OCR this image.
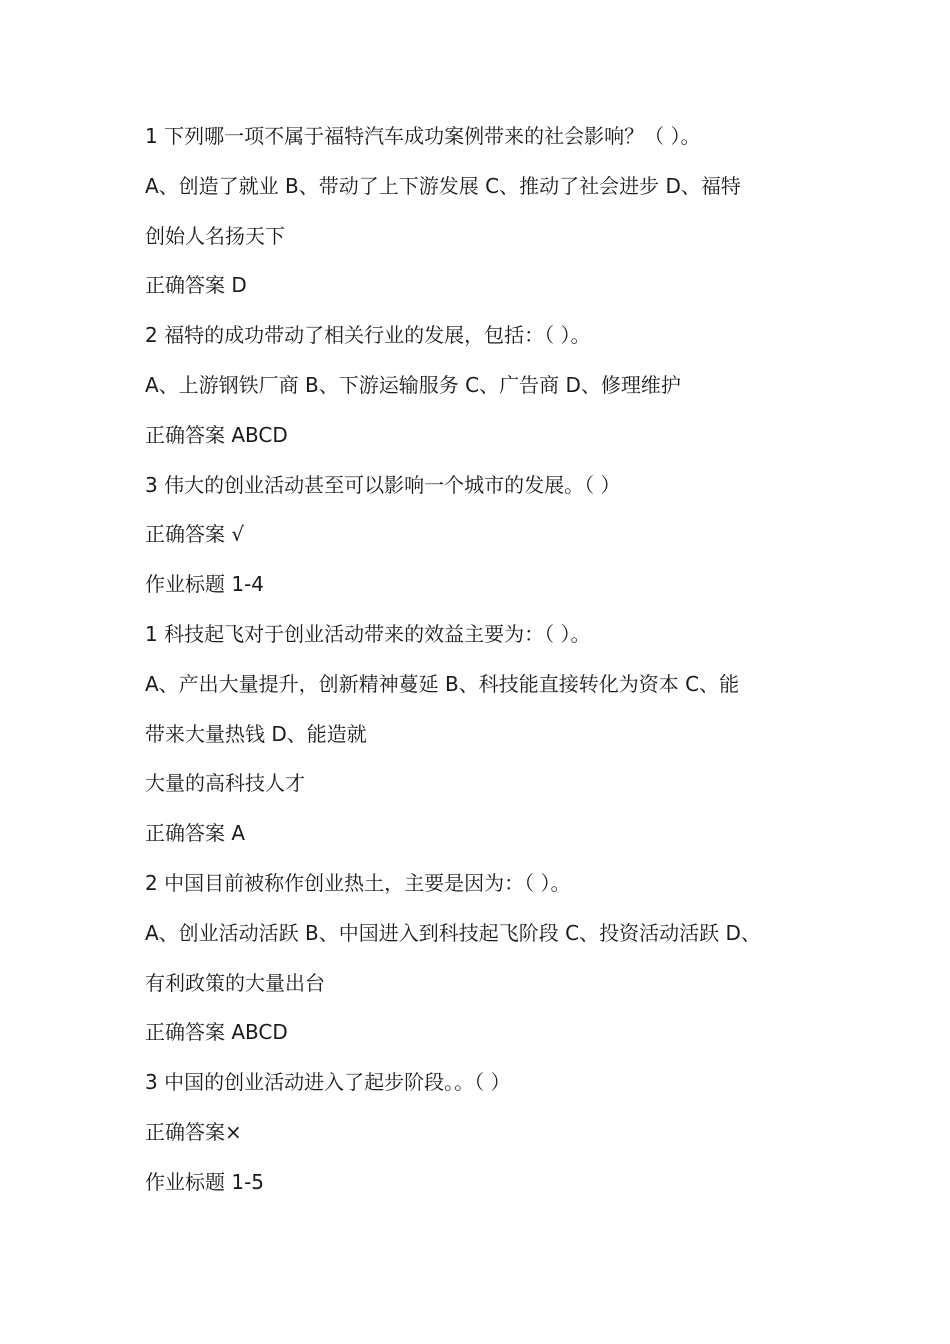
1 下列哪一项不属于福特汽车成功案例带来的社会影响？（ ）。
A、创造了就业 B、带动了上下游发展 C、推动了社会进步 D、福特
创始人名扬天下
正确答案 D
2 福特的成功带动了相关行业的发展，包括：（ ）。
A、上游钢铁厂商 B、下游运输服务 C、广告商 D、修理维护
正确答案 ABCD
3 伟大的创业活动甚至可以影响一个城市的发展。（ ）
正确答案 √
作业标题 1-4
1 科技起飞对于创业活动带来的效益主要为：（ ）。
A、产出大量提升，创新精神蔓延 B、科技能直接转化为资本 C、能
带来大量热钱 D、能造就
大量的高科技人才
正确答案 A
2 中国目前被称作创业热土，主要是因为：（ ）。
A、创业活动活跃 B、中国进入到科技起飞阶段 C、投资活动活跃 D、
有利政策的大量出台
正确答案 ABCD
3 中国的创业活动进入了起步阶段。。（ ）
正确答案×
作业标题 1-5
